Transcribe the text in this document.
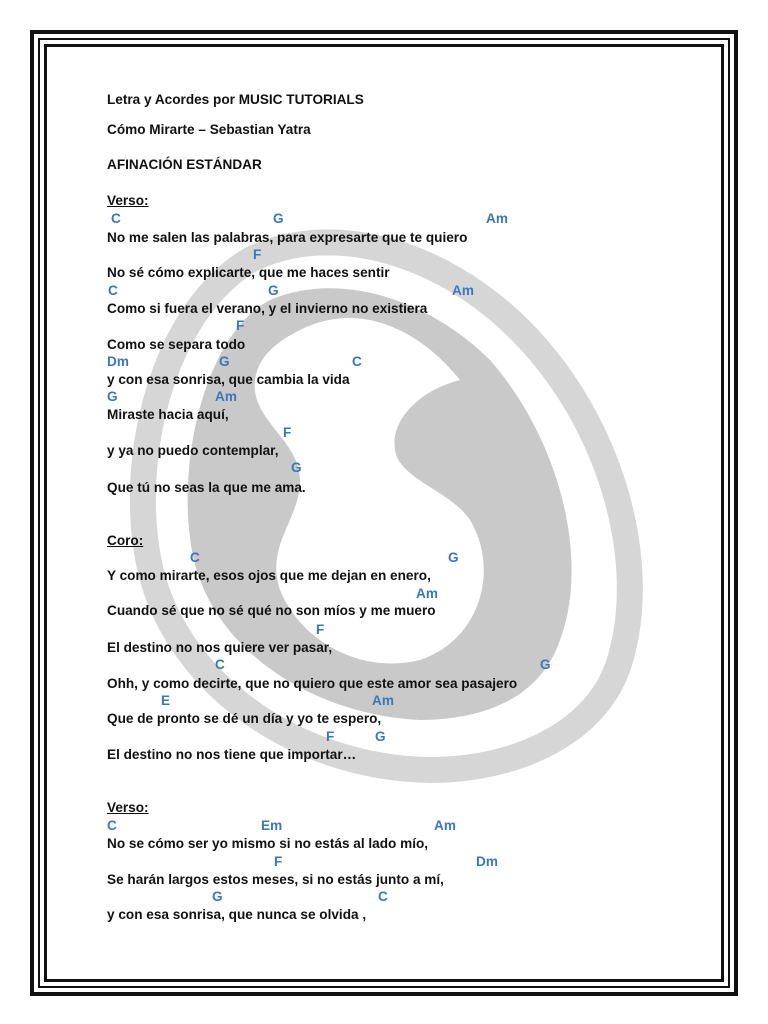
Letra y Acordes por MUSIC TUTORIALS

Cómo Mirarte – Sebastian Yatra

AFINACIÓN ESTÁNDAR

Verso:

C	G	Am

No me salen las palabras, para expresarte que te quiero

F

No sé cómo explicarte, que me haces sentir

C	G	Am

Como si fuera el verano, y el invierno no existiera

F

Como se separa todo

Dm	G	C

y con esa sonrisa, que cambia la vida

G	Am

Miraste hacia aquí,

F

y ya no puedo contemplar,

G

Que tú no seas la que me ama.

Coro:

C	G

Y como mirarte, esos ojos que me dejan en enero,

Am

Cuando sé que no sé qué no son míos y me muero

F

El destino no nos quiere ver pasar,

C	G

Ohh, y como decirte, que no quiero que este amor sea pasajero

E	Am

Que de pronto se dé un día y yo te espero,

F	G

El destino no nos tiene que importar…

Verso:

C	Em	Am

No se cómo ser yo mismo si no estás al lado mío,

F	Dm

Se harán largos estos meses, si no estás junto a mí,

G	C

y con esa sonrisa, que nunca se olvida ,
